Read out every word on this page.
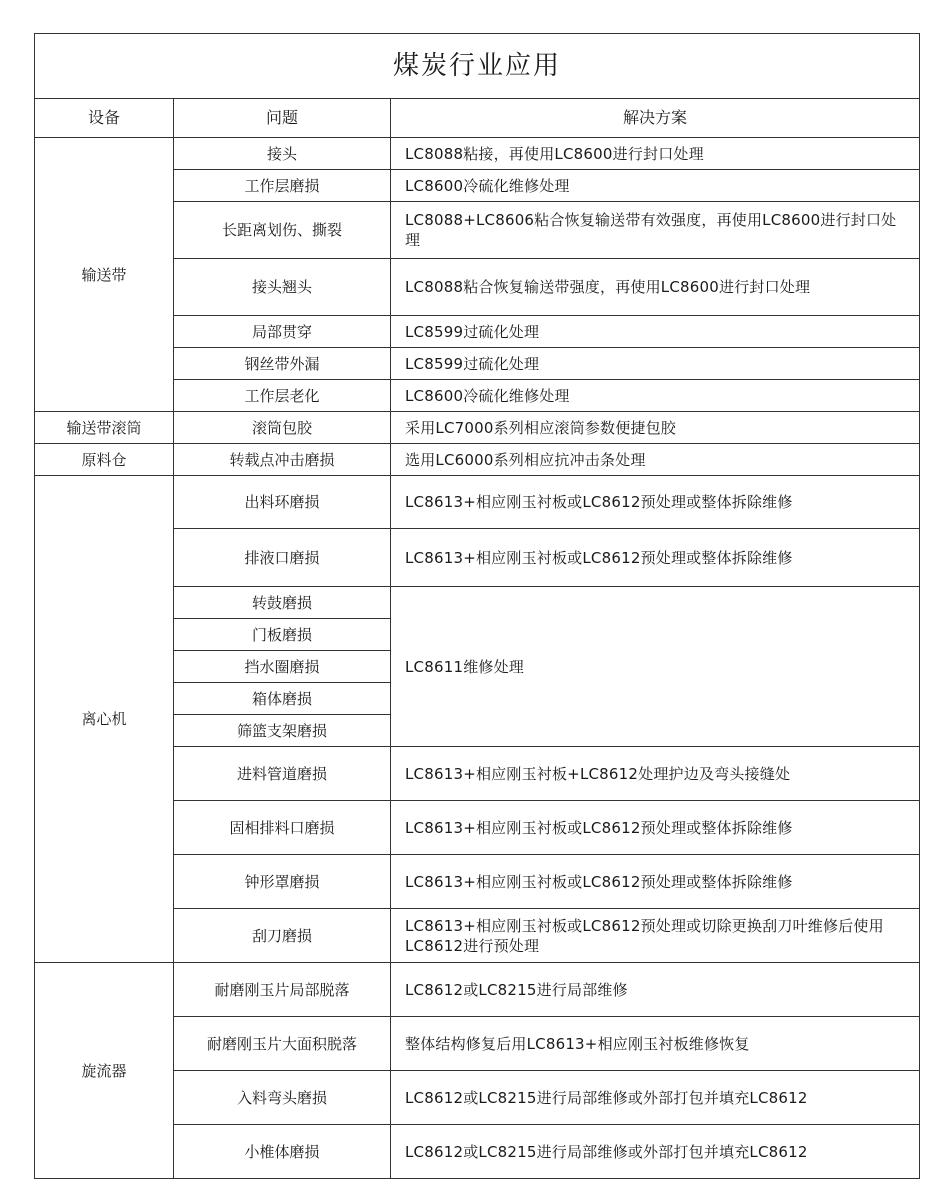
煤炭行业应用		
设备	问题	解决方案
输送带	接头	LC8088粘接，再使用LC8600进行封口处理
	工作层磨损	LC8600冷硫化维修处理
	长距离划伤、撕裂	LC8088+LC8606粘合恢复输送带有效强度，再使用LC8600进行封口处理
	接头翘头	LC8088粘合恢复输送带强度，再使用LC8600进行封口处理
	局部贯穿	LC8599过硫化处理
	钢丝带外漏	LC8599过硫化处理
	工作层老化	LC8600冷硫化维修处理
输送带滚筒	滚筒包胶	采用LC7000系列相应滚筒参数便捷包胶
原料仓	转载点冲击磨损	选用LC6000系列相应抗冲击条处理
离心机	出料环磨损	LC8613+相应刚玉衬板或LC8612预处理或整体拆除维修
	排液口磨损	LC8613+相应刚玉衬板或LC8612预处理或整体拆除维修
	转鼓磨损	LC8611维修处理
	门板磨损	
	挡水圈磨损	
	箱体磨损	
	筛篮支架磨损	
	进料管道磨损	LC8613+相应刚玉衬板+LC8612处理护边及弯头接缝处
	固相排料口磨损	LC8613+相应刚玉衬板或LC8612预处理或整体拆除维修
	钟形罩磨损	LC8613+相应刚玉衬板或LC8612预处理或整体拆除维修
	刮刀磨损	LC8613+相应刚玉衬板或LC8612预处理或切除更换刮刀叶维修后使用LC8612进行预处理
旋流器	耐磨刚玉片局部脱落	LC8612或LC8215进行局部维修
	耐磨刚玉片大面积脱落	整体结构修复后用LC8613+相应刚玉衬板维修恢复
	入料弯头磨损	LC8612或LC8215进行局部维修或外部打包并填充LC8612
	小椎体磨损	LC8612或LC8215进行局部维修或外部打包并填充LC8612
